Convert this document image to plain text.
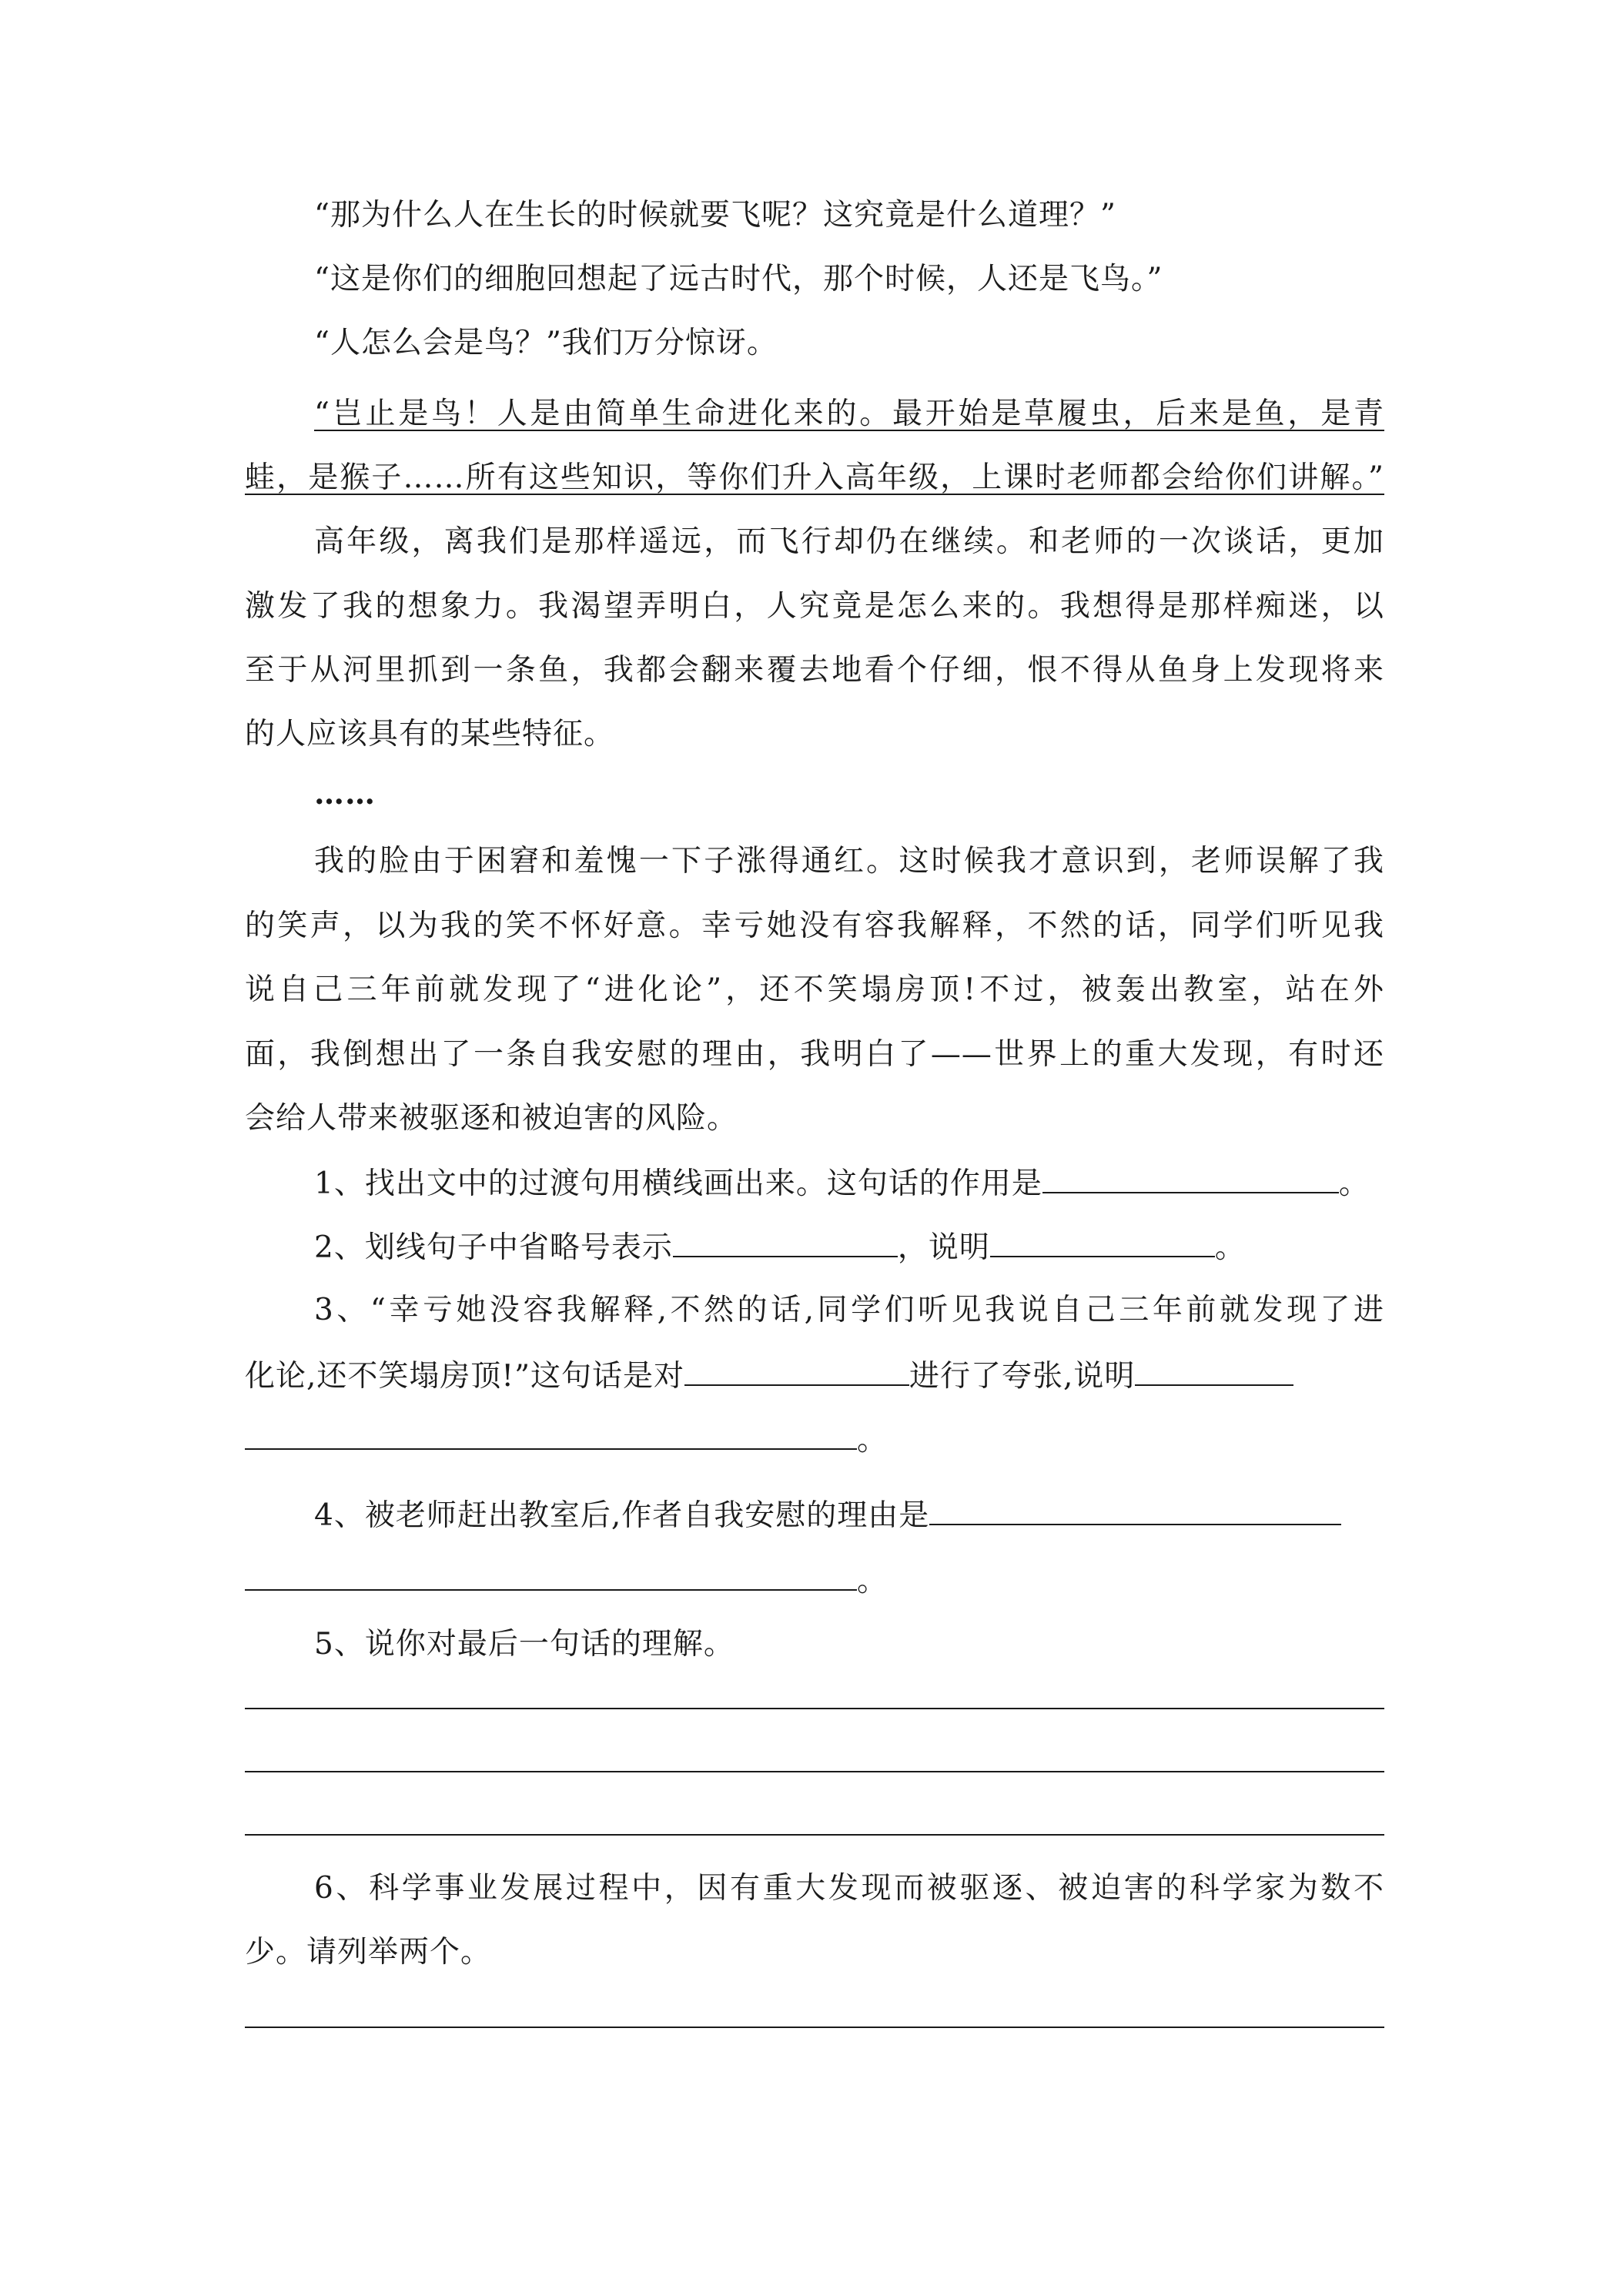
“那为什么人在生长的时候就要飞呢？这究竟是什么道理？”
“这是你们的细胞回想起了远古时代，那个时候，人还是飞鸟。”
“人怎么会是鸟？”我们万分惊讶。
“岂止是鸟！人是由简单生命进化来的。最开始是草履虫，后来是鱼，是青
蛙，是猴子……所有这些知识，等你们升入高年级，上课时老师都会给你们讲解。”
高年级，离我们是那样遥远，而飞行却仍在继续。和老师的一次谈话，更加
激发了我的想象力。我渴望弄明白，人究竟是怎么来的。我想得是那样痴迷，以
至于从河里抓到一条鱼，我都会翻来覆去地看个仔细，恨不得从鱼身上发现将来
的人应该具有的某些特征。
……
我的脸由于困窘和羞愧一下子涨得通红。这时候我才意识到，老师误解了我
的笑声，以为我的笑不怀好意。幸亏她没有容我解释，不然的话，同学们听见我
说自己三年前就发现了“进化论”，还不笑塌房顶!不过，被轰出教室，站在外
面，我倒想出了一条自我安慰的理由，我明白了——世界上的重大发现，有时还
会给人带来被驱逐和被迫害的风险。
1、找出文中的过渡句用横线画出来。这句话的作用是	。
2、划线句子中省略号表示	，说明	。
3、“幸亏她没容我解释,不然的话,同学们听见我说自己三年前就发现了进
化论,还不笑塌房顶!”这句话是对	进行了夸张,说明
。
4、被老师赶出教室后,作者自我安慰的理由是
。
5、说你对最后一句话的理解。
6、科学事业发展过程中，因有重大发现而被驱逐、被迫害的科学家为数不
少。请列举两个。
